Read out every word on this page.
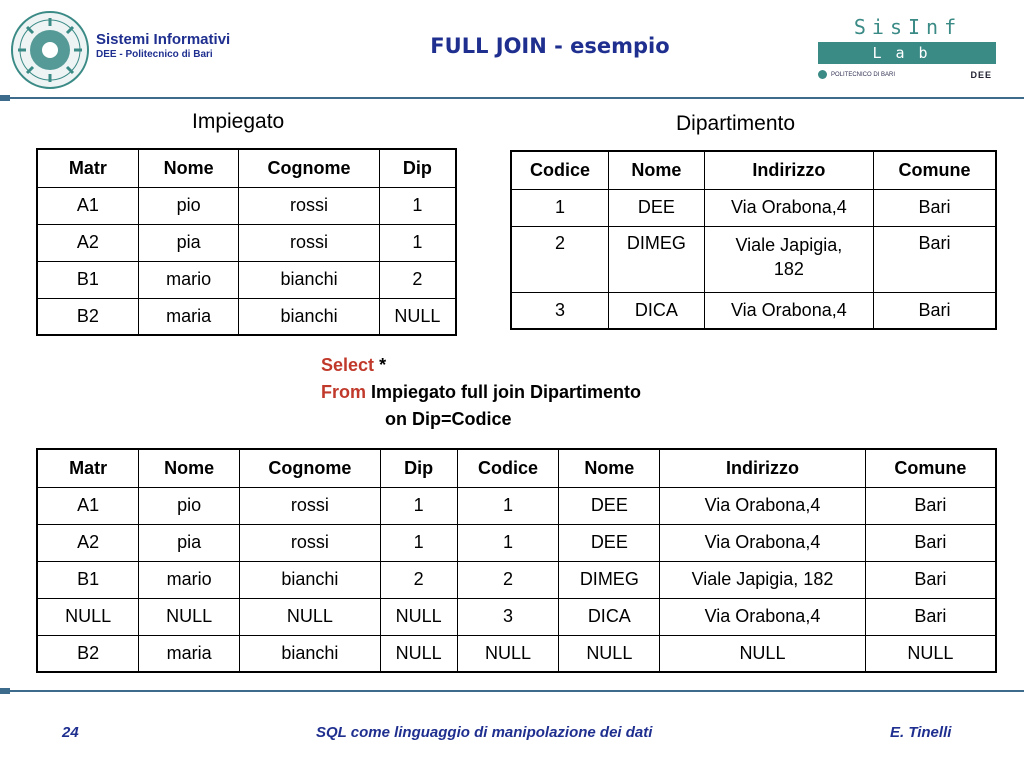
Sistemi Informativi
DEE - Politecnico di Bari	FULL JOIN - esempio
SisInf
Lab
POLITECNICO DI BARI	DEE
Impiegato
Matr	Nome	Cognome	Dip
A1	pio	rossi	1
A2	pia	rossi	1
B1	mario	bianchi	2
B2	maria	bianchi	NULL
Dipartimento
Codice	Nome	Indirizzo	Comune
1	DEE	Via Orabona,4	Bari
2	DIMEG	Viale Japigia, 182	Bari
3	DICA	Via Orabona,4	Bari
Select *
From Impiegato full join Dipartimento
on Dip=Codice
Matr	Nome	Cognome	Dip	Codice	Nome	Indirizzo	Comune
A1	pio	rossi	1	1	DEE	Via Orabona,4	Bari
A2	pia	rossi	1	1	DEE	Via Orabona,4	Bari
B1	mario	bianchi	2	2	DIMEG	Viale Japigia, 182	Bari
NULL	NULL	NULL	NULL	3	DICA	Via Orabona,4	Bari
B2	maria	bianchi	NULL	NULL	NULL	NULL	NULL
24	SQL come linguaggio di manipolazione dei dati	E. Tinelli
